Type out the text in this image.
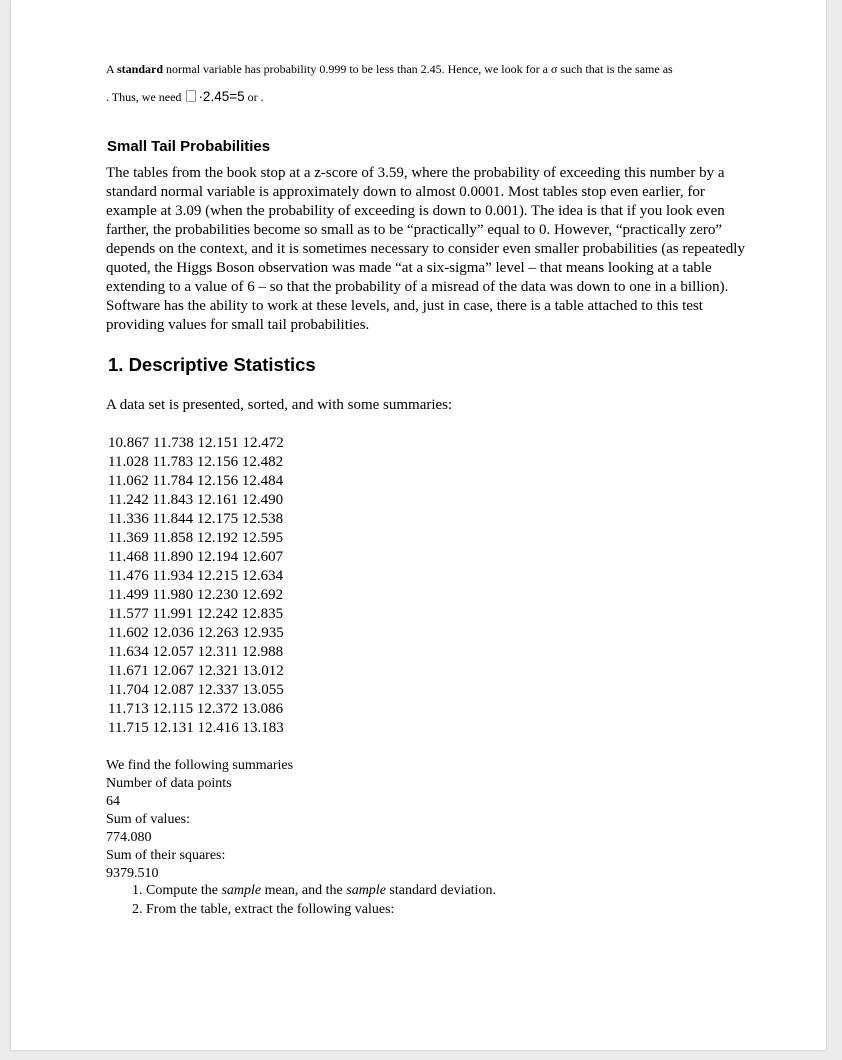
A standard normal variable has probability 0.999 to be less than 2.45. Hence, we look for a σ such that is the same as
. Thus, we need ·2.45=5 or .
Small Tail Probabilities

The tables from the book stop at a z-score of 3.59, where the probability of exceeding this number by a standard normal variable is approximately down to almost 0.0001. Most tables stop even earlier, for example at 3.09 (when the probability of exceeding is down to 0.001). The idea is that if you look even farther, the probabilities become so small as to be “practically” equal to 0. However, “practically zero” depends on the context, and it is sometimes necessary to consider even smaller probabilities (as repeatedly quoted, the Higgs Boson observation was made “at a six-sigma” level – that means looking at a table extending to a value of 6 – so that the probability of a misread of the data was down to one in a billion). Software has the ability to work at these levels, and, just in case, there is a table attached to this test providing values for small tail probabilities.

1. Descriptive Statistics

A data set is presented, sorted, and with some summaries:

10.867 11.738 12.151 12.472
11.028 11.783 12.156 12.482
11.062 11.784 12.156 12.484
11.242 11.843 12.161 12.490
11.336 11.844 12.175 12.538
11.369 11.858 12.192 12.595
11.468 11.890 12.194 12.607
11.476 11.934 12.215 12.634
11.499 11.980 12.230 12.692
11.577 11.991 12.242 12.835
11.602 12.036 12.263 12.935
11.634 12.057 12.311 12.988
11.671 12.067 12.321 13.012
11.704 12.087 12.337 13.055
11.713 12.115 12.372 13.086
11.715 12.131 12.416 13.183
We find the following summaries
Number of data points
64
Sum of values:
774.080
Sum of their squares:
9379.510
1. Compute the sample mean, and the sample standard deviation.
2. From the table, extract the following values:
